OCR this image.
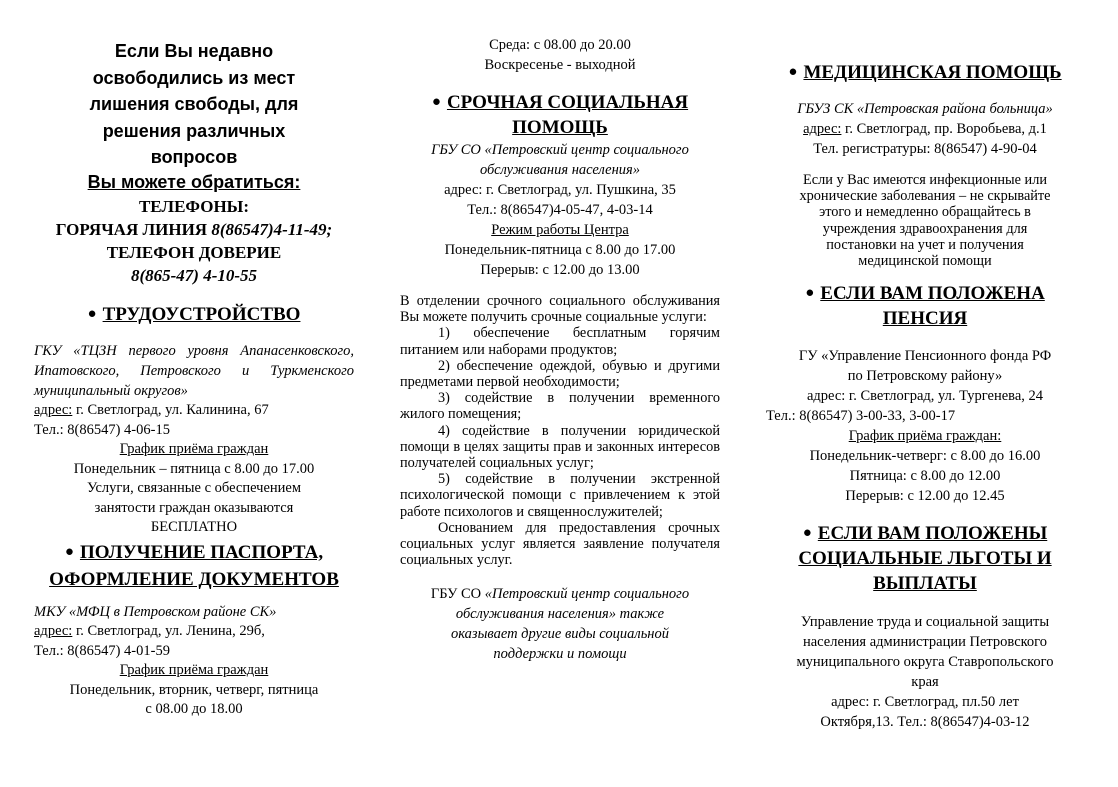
Если Вы недавно
освободились из мест
лишения свободы, для
решения различных
вопросов
Вы можете обратиться:
ТЕЛЕФОНЫ:
ГОРЯЧАЯ ЛИНИЯ 8(86547)4-11-49;
ТЕЛЕФОН ДОВЕРИЕ
8(865-47) 4-10-55
● ТРУДОУСТРОЙСТВО

ГКУ «ТЦЗН первого уровня Апанасенковского, Ипатовского, Петровского и Туркменского муниципальный округов»

адрес: г. Светлоград, ул. Калинина, 67

Тел.: 8(86547) 4-06-15

График приёма граждан

Понедельник – пятница с 8.00 до 17.00

Услуги, связанные с обеспечением

занятости граждан оказываются

БЕСПЛАТНО

● ПОЛУЧЕНИЕ ПАСПОРТА,
ОФОРМЛЕНИЕ ДОКУМЕНТОВ

МКУ «МФЦ в Петровском районе СК»

адрес: г. Светлоград, ул. Ленина, 29б,

Тел.: 8(86547) 4-01-59

График приёма граждан

Понедельник, вторник, четверг, пятница

с 08.00 до 18.00

Среда: с 08.00 до 20.00

Воскресенье - выходной

● СРОЧНАЯ СОЦИАЛЬНАЯ
ПОМОЩЬ

ГБУ СО «Петровский центр социального

обслуживания населения»

адрес: г. Светлоград, ул. Пушкина, 35

Тел.: 8(86547)4-05-47, 4-03-14

Режим работы Центра

Понедельник-пятница с 8.00 до 17.00

Перерыв: с 12.00 до 13.00

В отделении срочного социального обслуживания Вы можете получить срочные социальные услуги:

1) обеспечение бесплатным горячим питанием или наборами продуктов;

2) обеспечение одеждой, обувью и другими предметами первой необходимости;

3) содействие в получении временного жилого помещения;

4) содействие в получении юридической помощи в целях защиты прав и законных интересов получателей социальных услуг;

5) содействие в получении экстренной психологической помощи с привлечением к этой работе психологов и священнослужителей;

Основанием для предоставления срочных социальных услуг является заявление получателя социальных услуг.

ГБУ СО «Петровский центр социального

обслуживания населения» также

оказывает другие виды социальной

поддержки и помощи

● МЕДИЦИНСКАЯ ПОМОЩЬ

ГБУЗ СК «Петровская района больница»

адрес: г. Светлоград, пр. Воробьева, д.1

Тел. регистратуры: 8(86547) 4-90-04

Если у Вас имеются инфекционные или

хронические заболевания – не скрывайте

этого и немедленно обращайтесь в

учреждения здравоохранения для

постановки на учет и получения

медицинской помощи

● ЕСЛИ ВАМ ПОЛОЖЕНА
ПЕНСИЯ

ГУ «Управление Пенсионного фонда РФ

по Петровскому району»

адрес: г. Светлоград, ул. Тургенева, 24

Тел.: 8(86547) 3-00-33, 3-00-17

График приёма граждан:

Понедельник-четверг: с 8.00 до 16.00

Пятница: с 8.00 до 12.00

Перерыв: с 12.00 до 12.45

● ЕСЛИ ВАМ ПОЛОЖЕНЫ
СОЦИАЛЬНЫЕ ЛЬГОТЫ И
ВЫПЛАТЫ

Управление труда и социальной защиты

населения администрации Петровского

муниципального округа Ставропольского

края

адрес: г. Светлоград, пл.50 лет

Октября,13. Тел.: 8(86547)4-03-12
